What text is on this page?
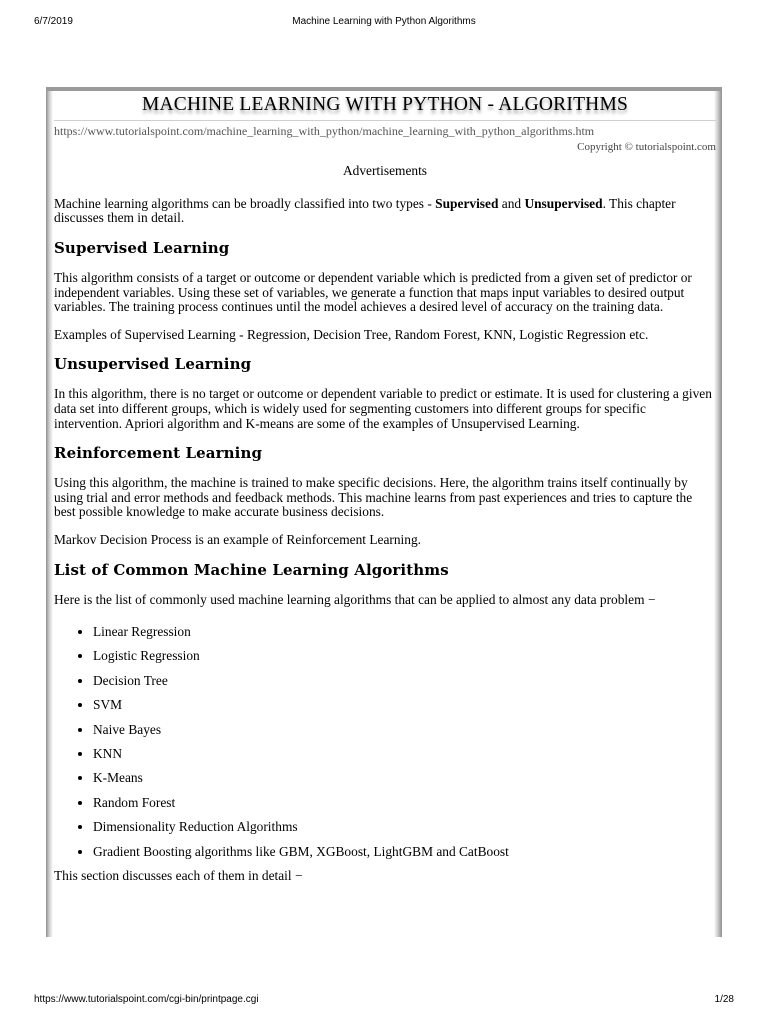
6/7/2019	Machine Learning with Python Algorithms
MACHINE LEARNING WITH PYTHON - ALGORITHMS
https://www.tutorialspoint.com/machine_learning_with_python/machine_learning_with_python_algorithms.htm
Copyright © tutorialspoint.com
Advertisements

Machine learning algorithms can be broadly classified into two types - Supervised and Unsupervised. This chapter discusses them in detail.

Supervised Learning

This algorithm consists of a target or outcome or dependent variable which is predicted from a given set of predictor or independent variables. Using these set of variables, we generate a function that maps input variables to desired output variables. The training process continues until the model achieves a desired level of accuracy on the training data.

Examples of Supervised Learning - Regression, Decision Tree, Random Forest, KNN, Logistic Regression etc.

Unsupervised Learning

In this algorithm, there is no target or outcome or dependent variable to predict or estimate. It is used for clustering a given data set into different groups, which is widely used for segmenting customers into different groups for specific intervention. Apriori algorithm and K-means are some of the examples of Unsupervised Learning.

Reinforcement Learning

Using this algorithm, the machine is trained to make specific decisions. Here, the algorithm trains itself continually by using trial and error methods and feedback methods. This machine learns from past experiences and tries to capture the best possible knowledge to make accurate business decisions.

Markov Decision Process is an example of Reinforcement Learning.

List of Common Machine Learning Algorithms

Here is the list of commonly used machine learning algorithms that can be applied to almost any data problem −

• Linear Regression
• Logistic Regression
• Decision Tree
• SVM
• Naive Bayes
• KNN
• K-Means
• Random Forest
• Dimensionality Reduction Algorithms
• Gradient Boosting algorithms like GBM, XGBoost, LightGBM and CatBoost

This section discusses each of them in detail −

https://www.tutorialspoint.com/cgi-bin/printpage.cgi	1/28
